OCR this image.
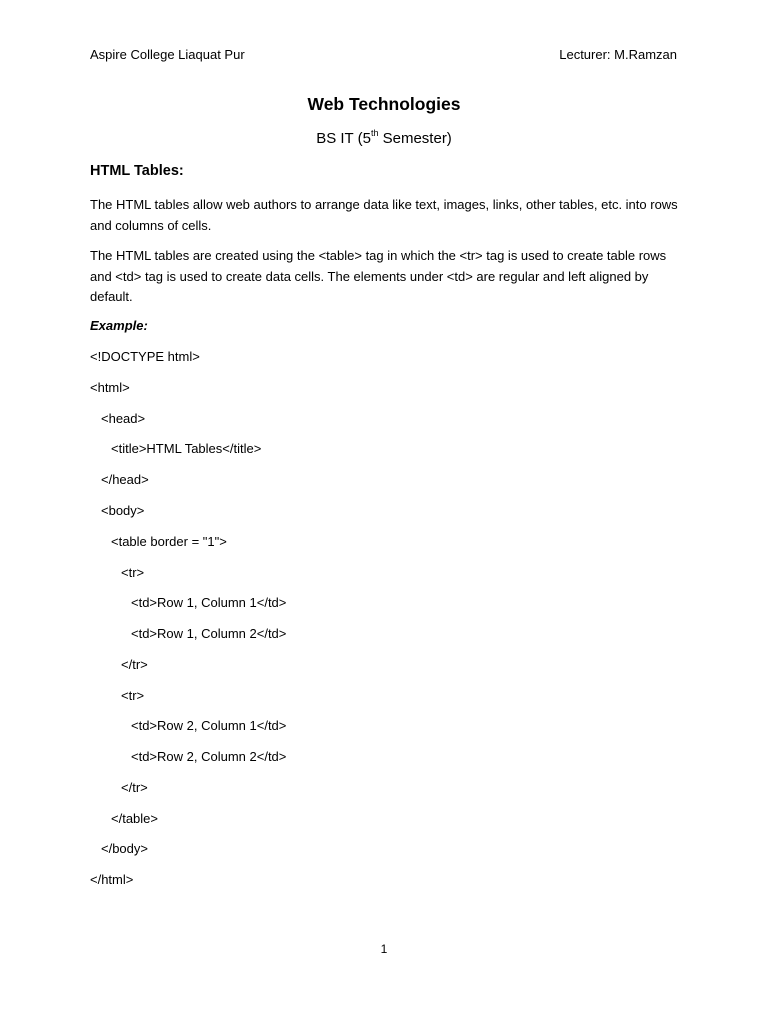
Aspire College Liaquat Pur	Lecturer: M.Ramzan
Web Technologies
BS IT (5th Semester)
HTML Tables:
The HTML tables allow web authors to arrange data like text, images, links, other tables, etc. into rows and columns of cells.
The HTML tables are created using the <table> tag in which the <tr> tag is used to create table rows and <td> tag is used to create data cells. The elements under <td> are regular and left aligned by default.
Example:
<!DOCTYPE html>
<html>
<head>
<title>HTML Tables</title>
</head>
<body>
<table border = "1">
<tr>
<td>Row 1, Column 1</td>
<td>Row 1, Column 2</td>
</tr>
<tr>
<td>Row 2, Column 1</td>
<td>Row 2, Column 2</td>
</tr>
</table>
</body>
</html>
1
